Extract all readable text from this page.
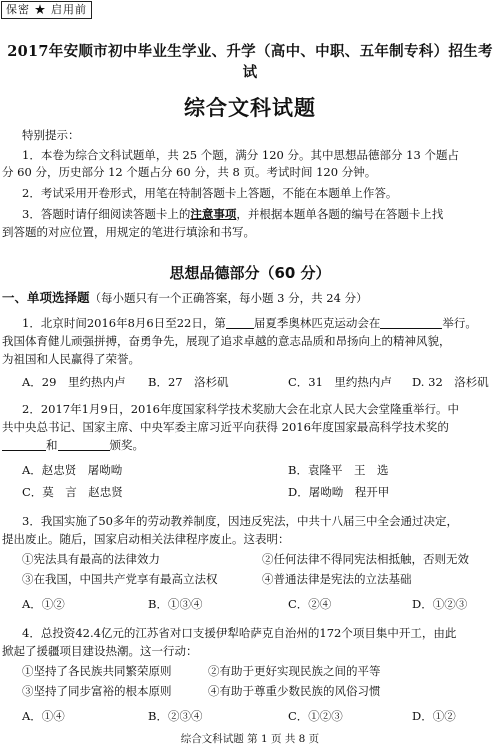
保密 ★ 启用前
2017年安顺市初中毕业生学业、升学（高中、中职、五年制专科）招生考试
综合文科试题
特别提示：
1．本卷为综合文科试题单，共 25 个题，满分 120 分。其中思想品德部分 13 个题占
分 60 分，历史部分 12 个题占分 60 分，共 8 页。考试时间 120 分钟。
2．考试采用开卷形式，用笔在特制答题卡上答题，不能在本题单上作答。
3．答题时请仔细阅读答题卡上的注意事项，并根据本题单各题的编号在答题卡上找
到答题的对应位置，用规定的笔进行填涂和书写。
思想品德部分（60 分）
一、单项选择题（每小题只有一个正确答案，每小题 3 分，共 24 分）
1．北京时间2016年8月6日至22日，第 届夏季奥林匹克运动会在	举行。
我国体育健儿顽强拼搏，奋勇争先，展现了追求卓越的意志品质和昂扬向上的精神风貌，
为祖国和人民赢得了荣誉。
A．29　里约热内卢 B．27　洛杉矶	C．31　里约热内卢 D. 32　洛杉矶
2．2017年1月9日，2016年度国家科学技术奖励大会在北京人民大会堂隆重举行。中
共中央总书记、国家主席、中央军委主席习近平向获得 2016年度国家最高科学技术奖的
和	颁奖。
A．赵忠贤　屠呦呦	B．袁隆平　王　选
C．莫　言　赵忠贤	D．屠呦呦　程开甲
3．我国实施了50多年的劳动教养制度，因违反宪法，中共十八届三中全会通过决定，
提出废止。随后，国家启动相关法律程序废止。这表明：
①宪法具有最高的法律效力	②任何法律不得同宪法相抵触，否则无效
③在我国，中国共产党享有最高立法权	④普通法律是宪法的立法基础
A．①②	B．①③④	C．②④	D．①②③
4．总投资42.4亿元的江苏省对口支援伊犁哈萨克自治州的172个项目集中开工，由此
掀起了援疆项目建设热潮。这一行动：
①坚持了各民族共同繁荣原则	②有助于更好实现民族之间的平等
③坚持了同步富裕的根本原则	④有助于尊重少数民族的风俗习惯
A．①④	B．②③④	C．①②③	D．①②
综合文科试题 第 1 页 共 8 页
